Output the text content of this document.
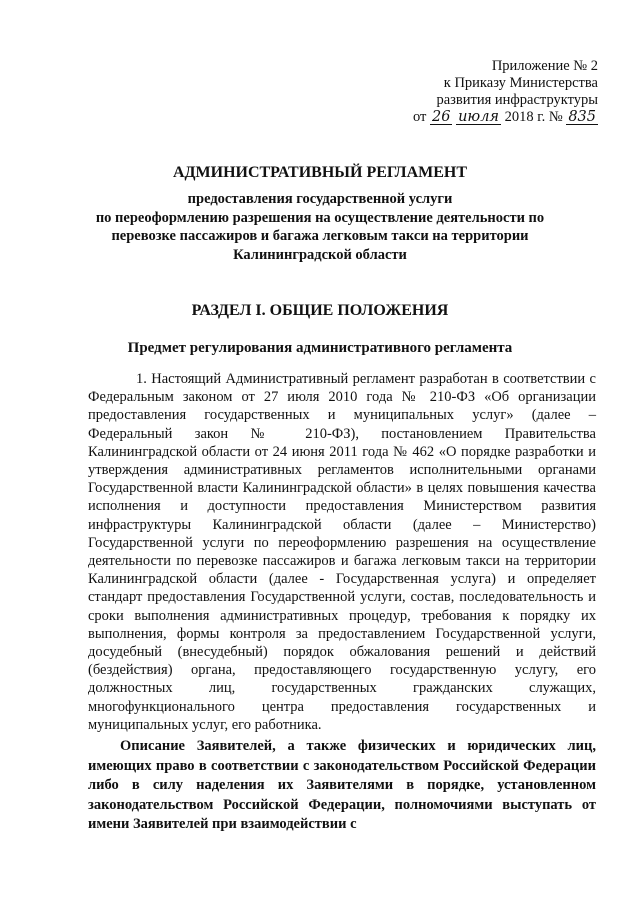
Приложение № 2
к Приказу Министерства
развития инфраструктуры
от 26 июля 2018 г. № 835
АДМИНИСТРАТИВНЫЙ РЕГЛАМЕНТ
предоставления государственной услуги
по переоформлению разрешения на осуществление деятельности по
перевозке пассажиров и багажа легковым такси на территории
Калининградской области
РАЗДЕЛ I. ОБЩИЕ ПОЛОЖЕНИЯ
Предмет регулирования административного регламента
1. Настоящий Административный регламент разработан в соответствии с Федеральным законом от 27 июля 2010 года № 210-ФЗ «Об организации предоставления государственных и муниципальных услуг» (далее – Федеральный закон № 210-ФЗ), постановлением Правительства Калининградской области от 24 июня 2011 года № 462 «О порядке разработки и утверждения административных регламентов исполнительными органами Государственной власти Калининградской области» в целях повышения качества исполнения и доступности предоставления Министерством развития инфраструктуры Калининградской области (далее – Министерство) Государственной услуги по переоформлению разрешения на осуществление деятельности по перевозке пассажиров и багажа легковым такси на территории Калининградской области (далее - Государственная услуга) и определяет стандарт предоставления Государственной услуги, состав, последовательность и сроки выполнения административных процедур, требования к порядку их выполнения, формы контроля за предоставлением Государственной услуги, досудебный (внесудебный) порядок обжалования решений и действий (бездействия) органа, предоставляющего государственную услугу, его должностных лиц, государственных гражданских служащих, многофункционального центра предоставления государственных и муниципальных услуг, его работника.
Описание Заявителей, а также физических и юридических лиц, имеющих право в соответствии с законодательством Российской Федерации либо в силу наделения их Заявителями в порядке, установленном законодательством Российской Федерации, полномочиями выступать от имени Заявителей при взаимодействии с
